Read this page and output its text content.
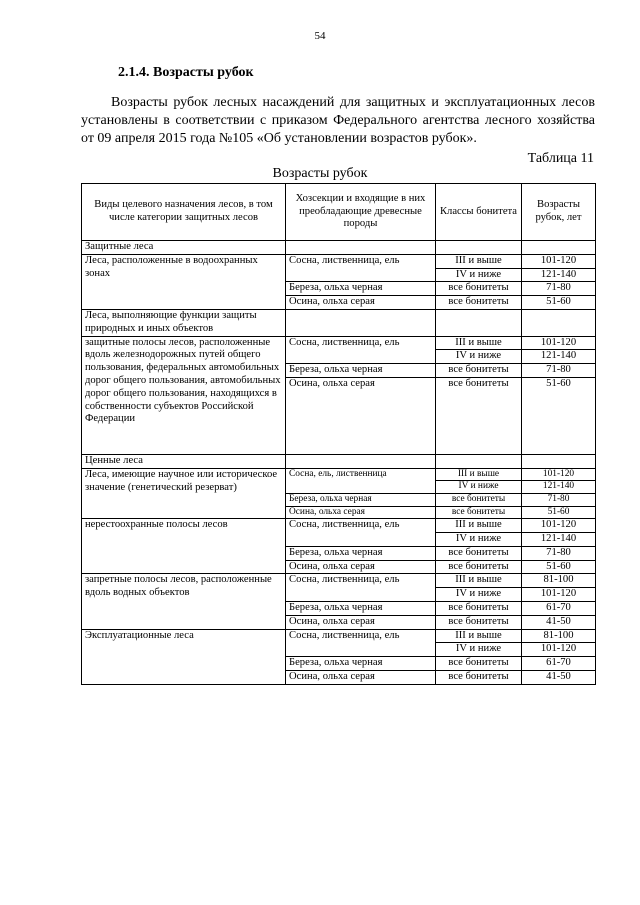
54
2.1.4. Возрасты рубок

Возрасты рубок лесных насаждений для защитных и эксплуатационных лесов установлены в соответствии с приказом Федерального агентства лесного хозяйства от 09 апреля 2015 года №105 «Об установлении возрастов рубок».

Таблица 11
Возрасты рубок
Виды целевого назначения лесов, в том числе категории защитных лесов	Хозсекции и входящие в них преобладающие древесные породы	Классы бонитета	Возрасты рубок, лет
Защитные леса			
Леса, расположенные в водоохранных зонах	Сосна, лиственница, ель	III и выше	101-120
		IV и ниже	121-140
	Береза, ольха черная	все бонитеты	71-80
	Осина, ольха серая	все бонитеты	51-60
Леса, выполняющие функции защиты природных и иных объектов			
защитные полосы лесов, расположенные вдоль железнодорожных путей общего пользования, федеральных автомобильных дорог общего пользования, автомобильных дорог общего пользования, находящихся в собственности субъектов Российской Федерации	Сосна, лиственница, ель	III и выше	101-120
		IV и ниже	121-140
	Береза, ольха черная	все бонитеты	71-80
	Осина, ольха серая	все бонитеты	51-60
Ценные леса			
Леса, имеющие научное или историческое значение (генетический резерват)	Сосна, ель, лиственница	III и выше	101-120
		IV и ниже	121-140
	Береза, ольха черная	все бонитеты	71-80
	Осина, ольха серая	все бонитеты	51-60
нерестоохранные полосы лесов	Сосна, лиственница, ель	III и выше	101-120
		IV и ниже	121-140
	Береза, ольха черная	все бонитеты	71-80
	Осина, ольха серая	все бонитеты	51-60
запретные полосы лесов, расположенные вдоль водных объектов	Сосна, лиственница, ель	III и выше	81-100
		IV и ниже	101-120
	Береза, ольха черная	все бонитеты	61-70
	Осина, ольха серая	все бонитеты	41-50
Эксплуатационные леса	Сосна, лиственница, ель	III и выше	81-100
		IV и ниже	101-120
	Береза, ольха черная	все бонитеты	61-70
	Осина, ольха серая	все бонитеты	41-50
